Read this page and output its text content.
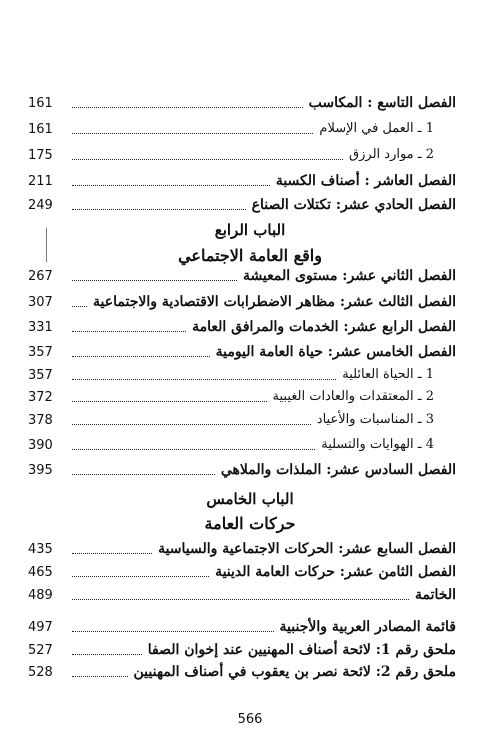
الباب الرابع
واقع العامة الاجتماعي
الباب الخامس
حركات العامة
الفصل التاسع : المكاسب
161
1 ـ العمل في الإسلام
161
2 ـ موارد الرزق
175
الفصل العاشر : أصناف الكسبة
211
الفصل الحادي عشر: تكتلات الصناع
249
الفصل الثاني عشر: مستوى المعيشة
267
الفصل الثالث عشر: مظاهر الاضطرابات الاقتصادية والاجتماعية
307
الفصل الرابع عشر: الخدمات والمرافق العامة
331
الفصل الخامس عشر: حياة العامة اليومية
357
1 ـ الحياة العائلية
357
2 ـ المعتقدات والعادات الغيبية
372
3 ـ المناسبات والأعياد
378
4 ـ الهوايات والتسلية
390
الفصل السادس عشر: الملذات والملاهي
395
الفصل السابع عشر: الحركات الاجتماعية والسياسية
435
الفصل الثامن عشر: حركات العامة الدينية
465
الخاتمة
489
قائمة المصادر العربية والأجنبية
497
ملحق رقم 1: لائحة أصناف المهنيين عند إخوان الصفا
527
ملحق رقم 2: لائحة نصر بن يعقوب في أصناف المهنيين
528
566
